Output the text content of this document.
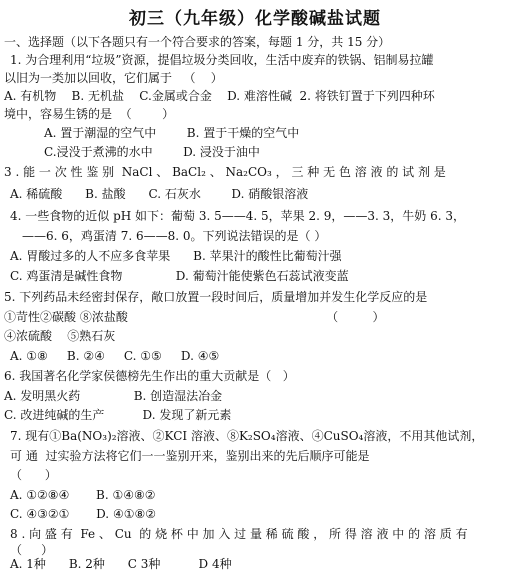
初三（九年级）化学酸碱盐试题
一、选择题（以下各题只有一个符合要求的答案，每题 1 分，共 15 分）
1. 为合理利用“垃圾”资源，提倡垃圾分类回收，生活中废弃的铁锅、铝制易拉罐
以旧为一类加以回收，它们属于   （    ）
A. 有机物    B. 无机盐    C.金属或合金    D. 难溶性碱  2. 将铁钉置于下列四种环
境中，容易生锈的是  （        ）
A. 置于潮湿的空气中        B. 置于干燥的空气中
C.浸没于煮沸的水中        D. 浸没于油中
3 . 能 一 次 性 鉴 别  NaCl 、 BaCl₂ 、 Na₂CO₃ ， 三 种 无 色 溶 液 的 试 剂 是
A. 稀硫酸      B. 盐酸      C. 石灰水        D. 硝酸银溶液
4. 一些食物的近似 pH 如下：葡萄 3. 5——4. 5，苹果 2. 9，——3. 3，牛奶 6. 3，
——6. 6，鸡蛋清 7. 6——8. 0。下列说法错误的是（ ）
A. 胃酸过多的人不应多食苹果      B. 苹果汁的酸性比葡萄汁强
C. 鸡蛋清是碱性食物              D. 葡萄汁能使紫色石蕊试液变蓝
5. 下列药品未经密封保存，敞口放置一段时间后，质量增加并发生化学反应的是
①苛性②碳酸 ⑧浓盐酸                                                    （         ）
④浓硫酸    ⑤熟石灰
A. ①⑧     B. ②④     C. ①⑤     D. ④⑤
6. 我国著名化学家侯德榜先生作出的重大贡献是（   ）
A. 发明黑火药              B. 创造湿法冶金
C. 改进纯碱的生产          D. 发现了新元素
7. 现有①Ba(NO₃)₂溶液、②KCI 溶液、⑧K₂SO₄溶液、④CuSO₄溶液，不用其他试剂，
可 通  过实验方法将它们一一鉴别开来，鉴别出来的先后顺序可能是
（      ）
A. ①②⑧④       B. ①④⑧②
C. ④③②①       D. ④①⑧②
8 . 向 盛 有  Fe 、 Cu  的 烧 杯 中 加 入 过 量 稀 硫 酸 ， 所 得 溶 液 中 的 溶 质 有
（     ）
A. 1种      B. 2种      C 3种          D 4种
